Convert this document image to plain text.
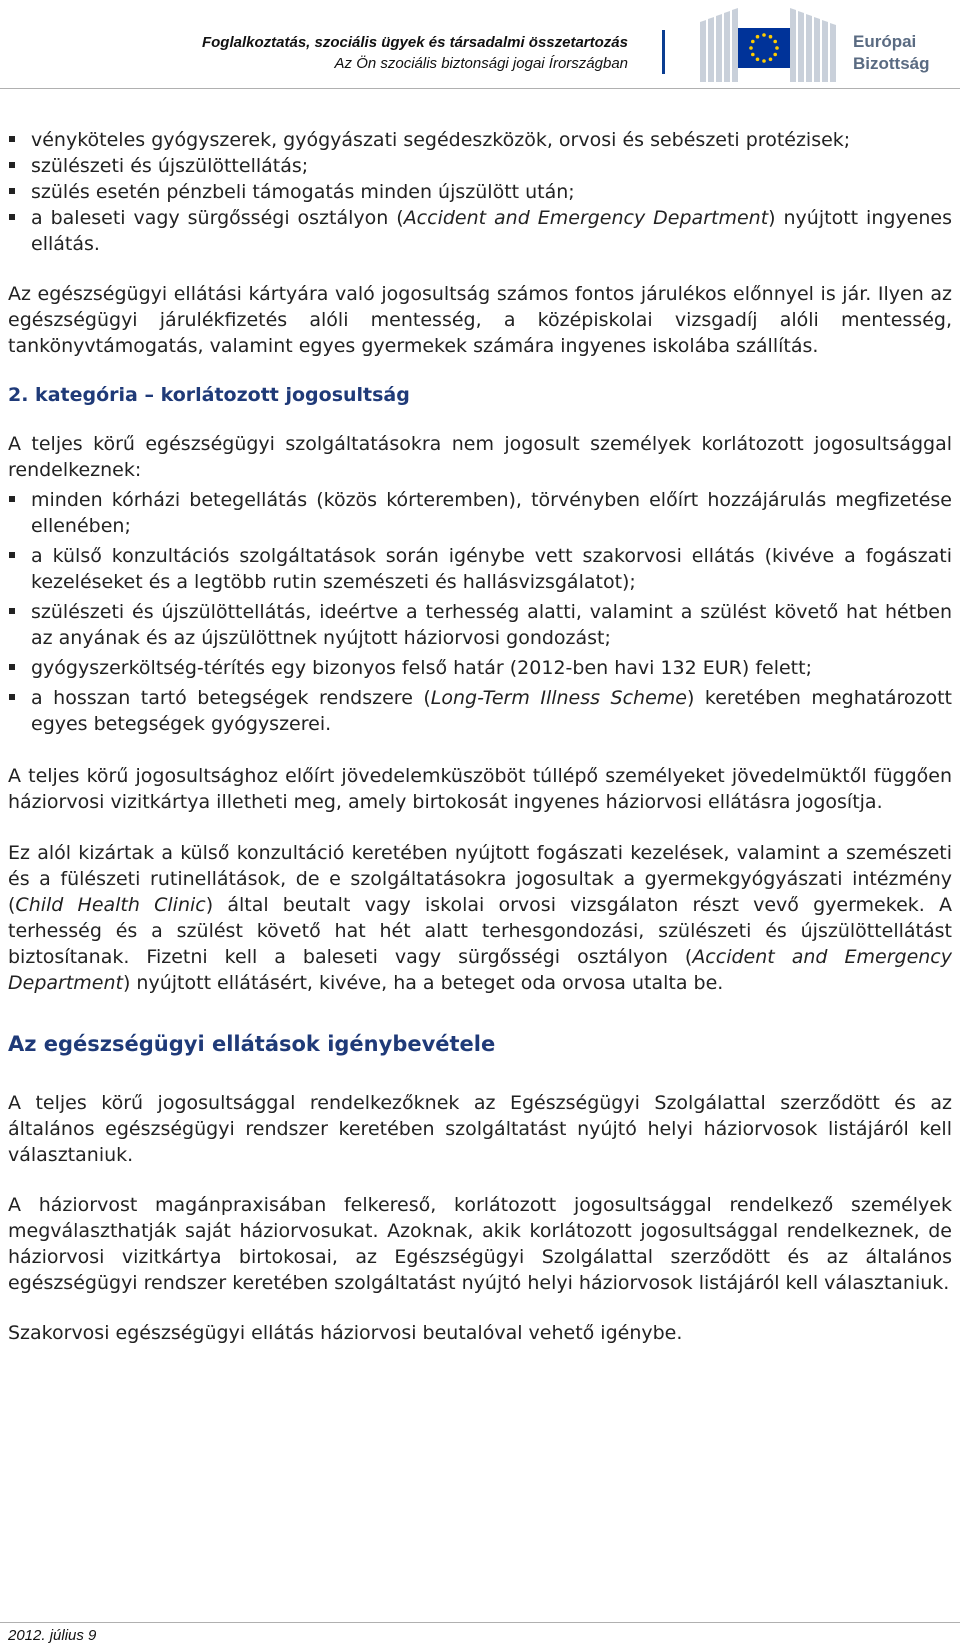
Foglalkoztatás, szociális ügyek és társadalmi összetartozás
Az Ön szociális biztonsági jogai Írországban
Európai
Bizottság
vényköteles gyógyszerek, gyógyászati segédeszközök, orvosi és sebészeti protézisek;
szülészeti és újszülöttellátás;
szülés esetén pénzbeli támogatás minden újszülött után;
a baleseti vagy sürgősségi osztályon (Accident and Emergency Department) nyújtott ingyenes ellátás.

Az egészségügyi ellátási kártyára való jogosultság számos fontos járulékos előnnyel is jár. Ilyen az egészségügyi járulékfizetés alóli mentesség, a középiskolai vizsgadíj alóli mentesség, tankönyvtámogatás, valamint egyes gyermekek számára ingyenes iskolába szállítás.

2. kategória – korlátozott jogosultság

A teljes körű egészségügyi szolgáltatásokra nem jogosult személyek korlátozott jogosultsággal rendelkeznek:

minden kórházi betegellátás (közös kórteremben), törvényben előírt hozzájárulás megfizetése ellenében;
a külső konzultációs szolgáltatások során igénybe vett szakorvosi ellátás (kivéve a fogászati kezeléseket és a legtöbb rutin szemészeti és hallásvizsgálatot);
szülészeti és újszülöttellátás, ideértve a terhesség alatti, valamint a szülést követő hat hétben az anyának és az újszülöttnek nyújtott háziorvosi gondozást;
gyógyszerköltség-térítés egy bizonyos felső határ (2012-ben havi 132 EUR) felett;
a hosszan tartó betegségek rendszere (Long-Term Illness Scheme) keretében meghatározott egyes betegségek gyógyszerei.

A teljes körű jogosultsághoz előírt jövedelemküszöböt túllépő személyeket jövedelmüktől függően háziorvosi vizitkártya illetheti meg, amely birtokosát ingyenes háziorvosi ellátásra jogosítja.

Ez alól kizártak a külső konzultáció keretében nyújtott fogászati kezelések, valamint a szemészeti és a fülészeti rutinellátások, de e szolgáltatásokra jogosultak a gyermekgyógyászati intézmény (Child Health Clinic) által beutalt vagy iskolai orvosi vizsgálaton részt vevő gyermekek. A terhesség és a szülést követő hat hét alatt terhesgondozási, szülészeti és újszülöttellátást biztosítanak. Fizetni kell a baleseti vagy sürgősségi osztályon (Accident and Emergency Department) nyújtott ellátásért, kivéve, ha a beteget oda orvosa utalta be.

Az egészségügyi ellátások igénybevétele

A teljes körű jogosultsággal rendelkezőknek az Egészségügyi Szolgálattal szerződött és az általános egészségügyi rendszer keretében szolgáltatást nyújtó helyi háziorvosok listájáról kell választaniuk.

A háziorvost magánpraxisában felkereső, korlátozott jogosultsággal rendelkező személyek megválaszthatják saját háziorvosukat. Azoknak, akik korlátozott jogosultsággal rendelkeznek, de háziorvosi vizitkártya birtokosai, az Egészségügyi Szolgálattal szerződött és az általános egészségügyi rendszer keretében szolgáltatást nyújtó helyi háziorvosok listájáról kell választaniuk.

Szakorvosi egészségügyi ellátás háziorvosi beutalóval vehető igénybe.

2012. július 9
